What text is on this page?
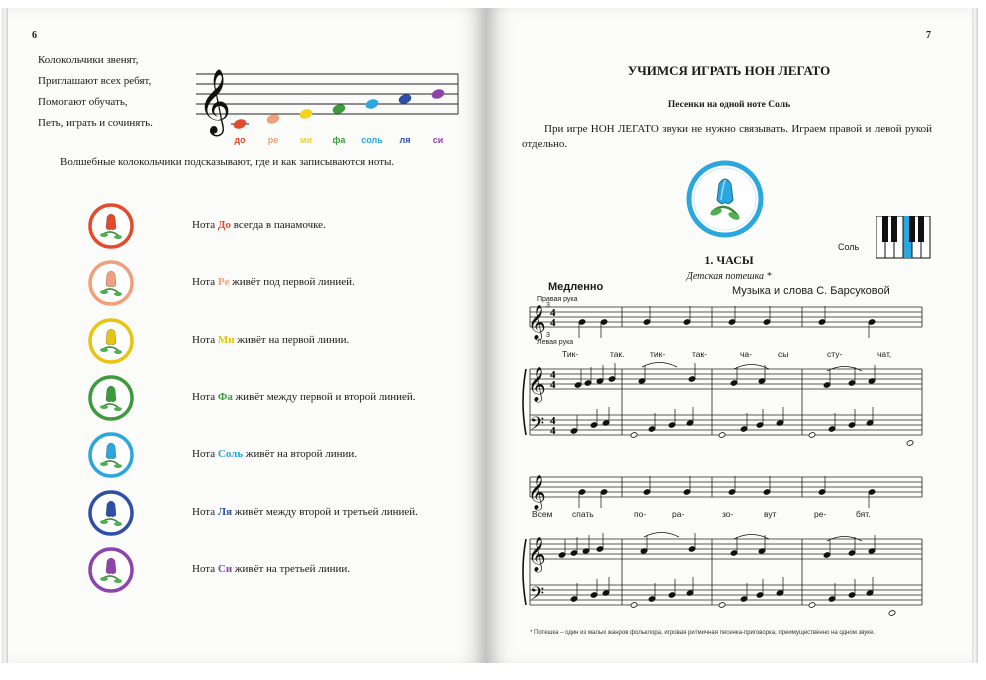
6
Колокольчики звенят,
Приглашают всех ребят,
Помогают обучать,
Петь, играть и сочинять. 𝄞
до ре ми фа соль ля си
Волшебные колокольчики подсказывают, где и как записываются ноты.
Нота До всегда в панамочке.
Нота Ре живёт под первой линией.
Нота Ми живёт на первой линии.
Нота Фа живёт между первой и второй линией.
Нота Соль живёт на второй линии.
Нота Ля живёт между второй и третьей линией.
Нота Си живёт на третьей линии.
7
УЧИМСЯ ИГРАТЬ НОН ЛЕГАТО
Песенки на одной ноте Соль
При игре НОН ЛЕГАТО звуки не нужно связывать. Играем правой и левой рукой отдельно.
Соль
1. ЧАСЫ
Детская потешка *
Медленно	Музыка и слова С. Барсуковой
𝄞 4
4
Правая рука
3
Левая рука
3
Тик-	так.	тик-	так-	ча-	сы	сту-	чат,
𝄞 4
4
𝄢 4
4
𝄞
Всем спать	по-	ра-	зо-	вут	ре-	бят.
𝄞
𝄢
* Потешка – один из малых жанров фольклора, игровая ритмичная песенка-приговорка, преимущественно на одном звуке.
